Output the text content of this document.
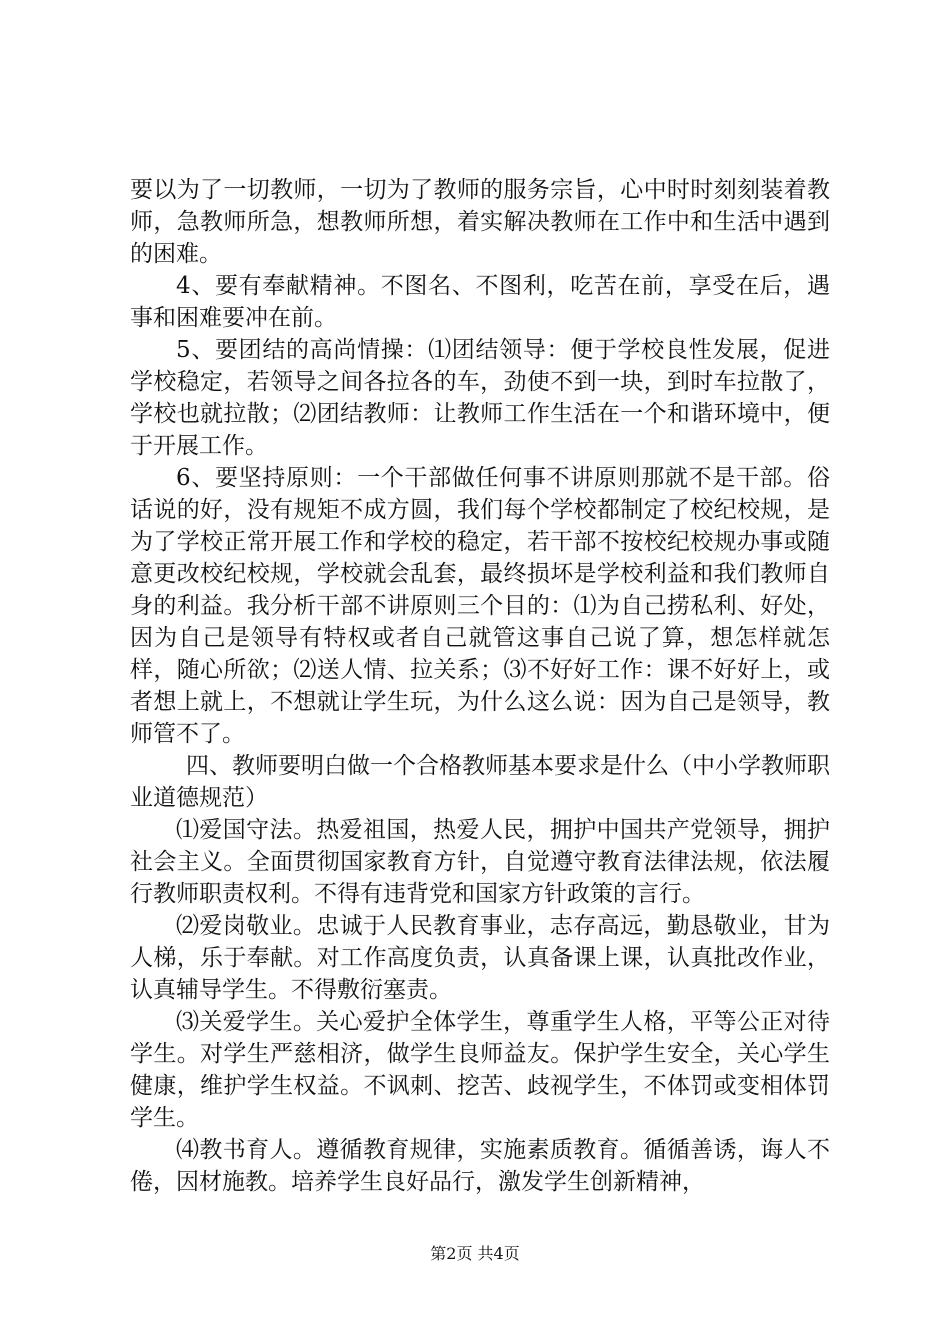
要以为了一切教师，一切为了教师的服务宗旨，心中时时刻刻装着教师，急教师所急，想教师所想，着实解决教师在工作中和生活中遇到的困难。

4、要有奉献精神。不图名、不图利，吃苦在前，享受在后，遇事和困难要冲在前。

5、要团结的高尚情操：⑴团结领导：便于学校良性发展，促进学校稳定，若领导之间各拉各的车，劲使不到一块，到时车拉散了，学校也就拉散；⑵团结教师：让教师工作生活在一个和谐环境中，便于开展工作。

6、要坚持原则：一个干部做任何事不讲原则那就不是干部。俗话说的好，没有规矩不成方圆，我们每个学校都制定了校纪校规，是为了学校正常开展工作和学校的稳定，若干部不按校纪校规办事或随意更改校纪校规，学校就会乱套，最终损坏是学校利益和我们教师自身的利益。我分析干部不讲原则三个目的：⑴为自己捞私利、好处，因为自己是领导有特权或者自己就管这事自己说了算，想怎样就怎样，随心所欲；⑵送人情、拉关系；⑶不好好工作：课不好好上，或者想上就上，不想就让学生玩，为什么这么说：因为自己是领导，教师管不了。

四、教师要明白做一个合格教师基本要求是什么（中小学教师职业道德规范）

⑴爱国守法。热爱祖国，热爱人民，拥护中国共产党领导，拥护社会主义。全面贯彻国家教育方针，自觉遵守教育法律法规，依法履行教师职责权利。不得有违背党和国家方针政策的言行。

⑵爱岗敬业。忠诚于人民教育事业，志存高远，勤恳敬业，甘为人梯，乐于奉献。对工作高度负责，认真备课上课，认真批改作业，认真辅导学生。不得敷衍塞责。

⑶关爱学生。关心爱护全体学生，尊重学生人格，平等公正对待学生。对学生严慈相济，做学生良师益友。保护学生安全，关心学生健康，维护学生权益。不讽刺、挖苦、歧视学生，不体罚或变相体罚学生。

⑷教书育人。遵循教育规律，实施素质教育。循循善诱，诲人不倦，因材施教。培养学生良好品行，激发学生创新精神，

第2页 共4页
